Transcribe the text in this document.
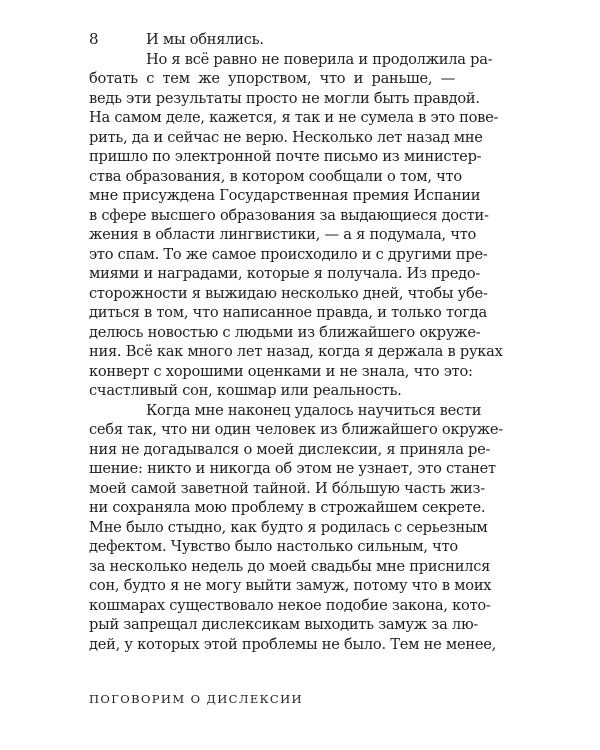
8	И мы обнялись.
Но я всё равно не поверила и продолжила ра-
ботать с тем же упорством, что и раньше, —
ведь эти результаты просто не могли быть правдой.
На самом деле, кажется, я так и не сумела в это пове-
рить, да и сейчас не верю. Несколько лет назад мне
пришло по электронной почте письмо из министер-
ства образования, в котором сообщали о том, что
мне присуждена Государственная премия Испании
в сфере высшего образования за выдающиеся дости-
жения в области лингвистики, — а я подумала, что
это спам. То же самое происходило и с другими пре-
миями и наградами, которые я получала. Из предо-
сторожности я выжидаю несколько дней, чтобы убе-
диться в том, что написанное правда, и только тогда
делюсь новостью с людьми из ближайшего окруже-
ния. Всё как много лет назад, когда я держала в руках
конверт с хорошими оценками и не знала, что это:
счастливый сон, кошмар или реальность.
Когда мне наконец удалось научиться вести
себя так, что ни один человек из ближайшего окруже-
ния не догадывался о моей дислексии, я приняла ре-
шение: никто и никогда об этом не узнает, это станет
моей самой заветной тайной. И бо́льшую часть жиз-
ни сохраняла мою проблему в строжайшем секрете.
Мне было стыдно, как будто я родилась с серьезным
дефектом. Чувство было настолько сильным, что
за несколько недель до моей свадьбы мне приснился
сон, будто я не могу выйти замуж, потому что в моих
кошмарах существовало некое подобие закона, кото-
рый запрещал дислексикам выходить замуж за лю-
дей, у которых этой проблемы не было. Тем не менее,
ПОГОВОРИМ О ДИСЛЕКСИИ
